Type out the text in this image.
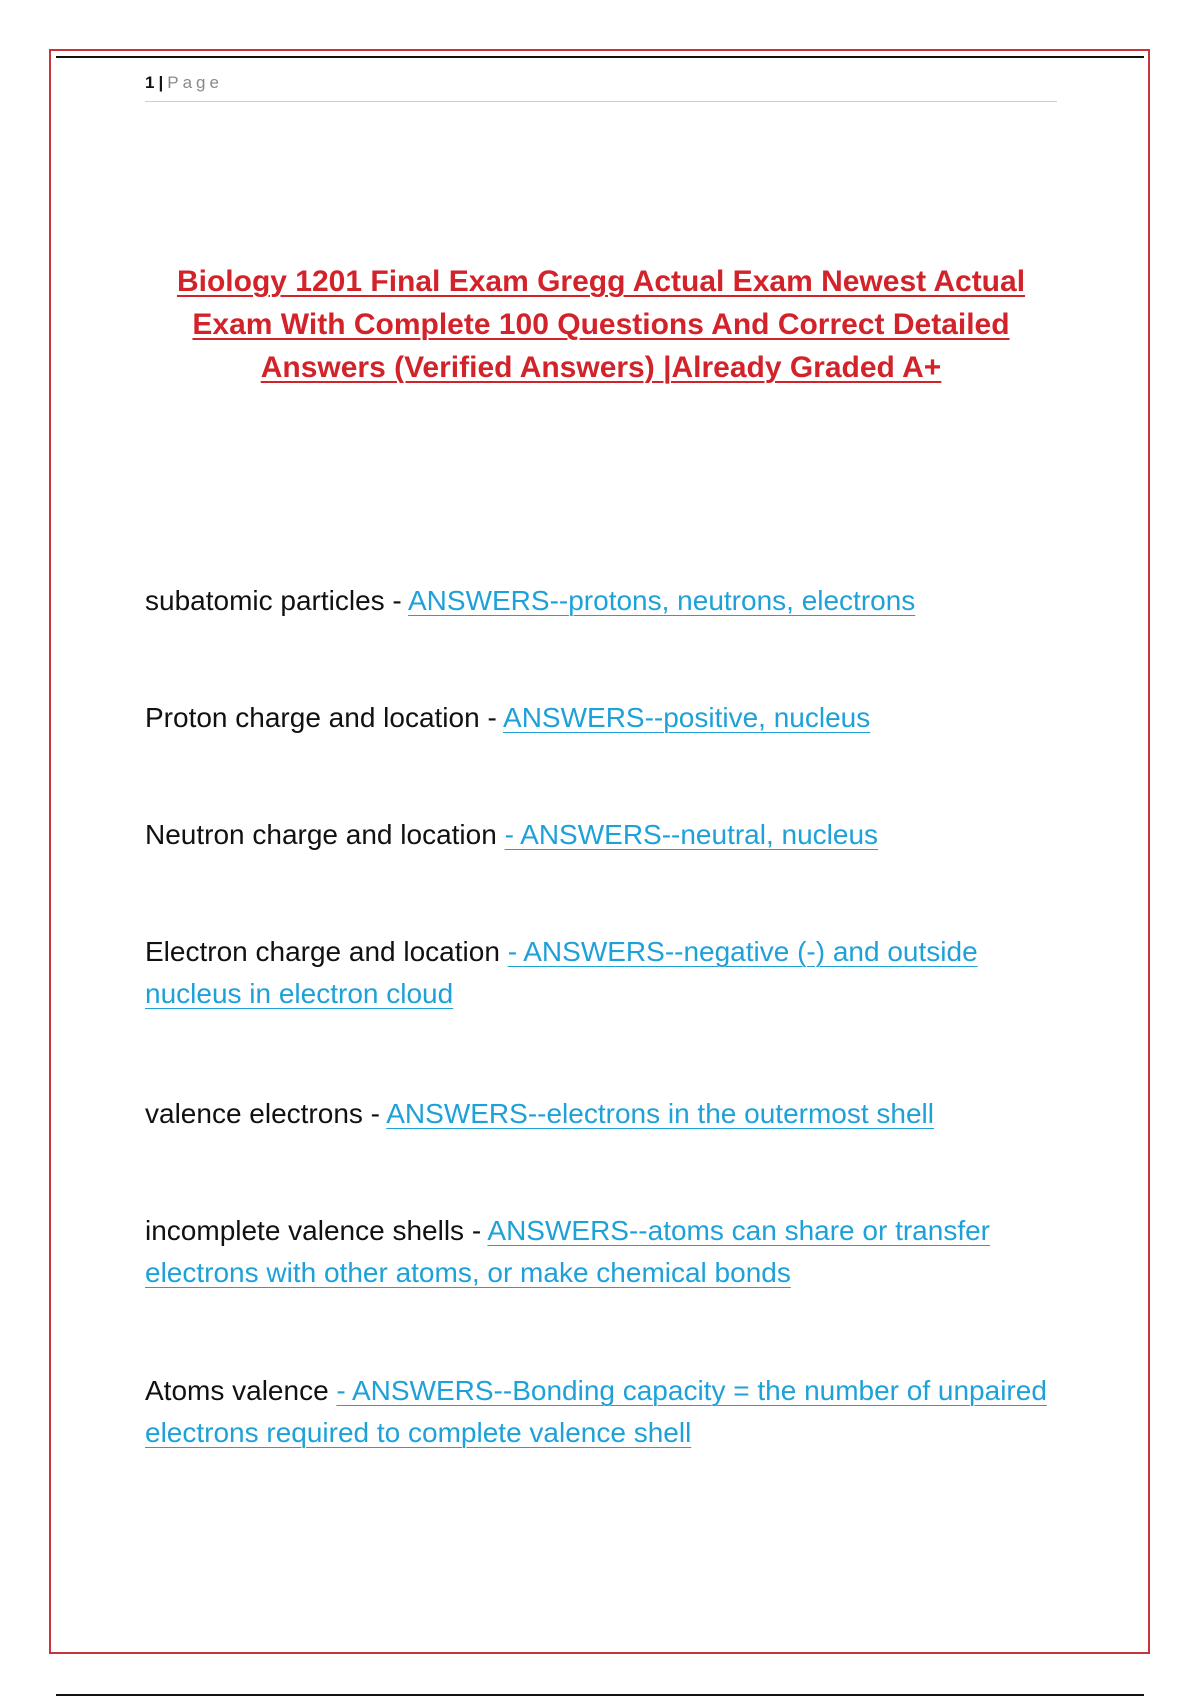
1 | Page
Biology 1201 Final Exam Gregg Actual Exam Newest Actual Exam With Complete 100 Questions And Correct Detailed Answers (Verified Answers) |Already Graded A+
subatomic particles - ANSWERS--protons, neutrons, electrons
Proton charge and location - ANSWERS--positive, nucleus
Neutron charge and location - ANSWERS--neutral, nucleus
Electron charge and location - ANSWERS--negative (-) and outside nucleus in electron cloud
valence electrons - ANSWERS--electrons in the outermost shell
incomplete valence shells - ANSWERS--atoms can share or transfer electrons with other atoms, or make chemical bonds
Atoms valence - ANSWERS--Bonding capacity = the number of unpaired electrons required to complete valence shell
